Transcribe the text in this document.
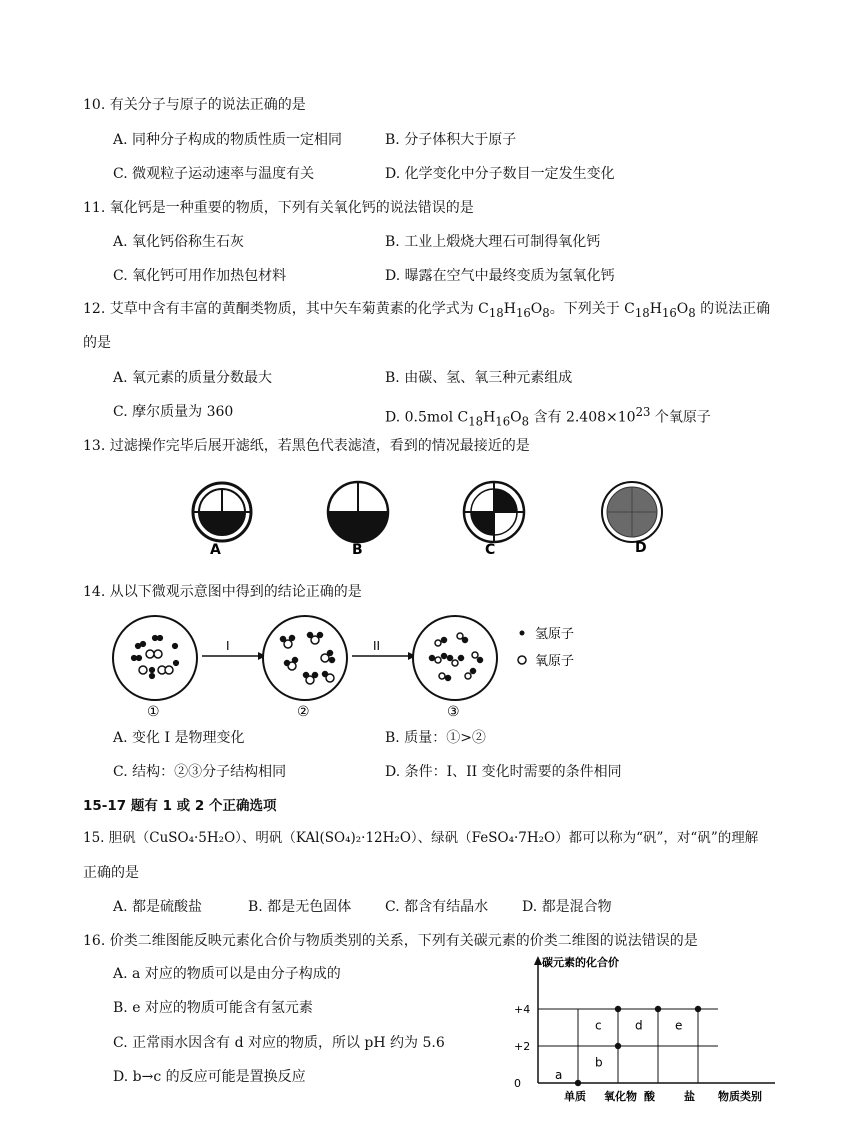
10. 有关分子与原子的说法正确的是
A. 同种分子构成的物质性质一定相同	B. 分子体积大于原子
C. 微观粒子运动速率与温度有关	D. 化学变化中分子数目一定发生变化
11. 氧化钙是一种重要的物质，下列有关氧化钙的说法错误的是
A. 氧化钙俗称生石灰	B. 工业上煅烧大理石可制得氧化钙
C. 氧化钙可用作加热包材料	D. 曝露在空气中最终变质为氢氧化钙
12. 艾草中含有丰富的黄酮类物质，其中矢车菊黄素的化学式为 $C_{18}H_{16}O_8$。下列关于 $C_{18}H_{16}O_8$ 的说法正确
的是
A. 氧元素的质量分数最大	B. 由碳、氢、氧三种元素组成
C. 摩尔质量为 360	D. 0.5mol $C_{18}H_{16}O_8$ 含有 $2.408\times 10^{23}$ 个氧原子
13. 过滤操作完毕后展开滤纸，若黑色代表滤渣，看到的情况最接近的是
A	B	C	D
14. 从以下微观示意图中得到的结论正确的是
I	II
氢原子
氧原子
①	②	③
A. 变化 I 是物理变化	B. 质量：①>②
C. 结构：②③分子结构相同	D. 条件：I、II 变化时需要的条件相同
15-17 题有 1 或 2 个正确选项
15. 胆矾（CuSO₄·5H₂O）、明矾（KAl(SO₄)₂·12H₂O）、绿矾（FeSO₄·7H₂O）都可以称为“矾”，对“矾”的理解
正确的是
A. 都是硫酸盐	B. 都是无色固体 C. 都含有结晶水 D. 都是混合物
16. 价类二维图能反映元素化合价与物质类别的关系，下列有关碳元素的价类二维图的说法错误的是
A. a 对应的物质可以是由分子构成的
B. e 对应的物质可能含有氢元素
C. 正常雨水因含有 d 对应的物质，所以 pH 约为 5.6
D. b→c 的反应可能是置换反应
碳元素的化合价
物质类别
0
+2
+4
单质 氧化物 酸	盐
a
b
c	d	e
